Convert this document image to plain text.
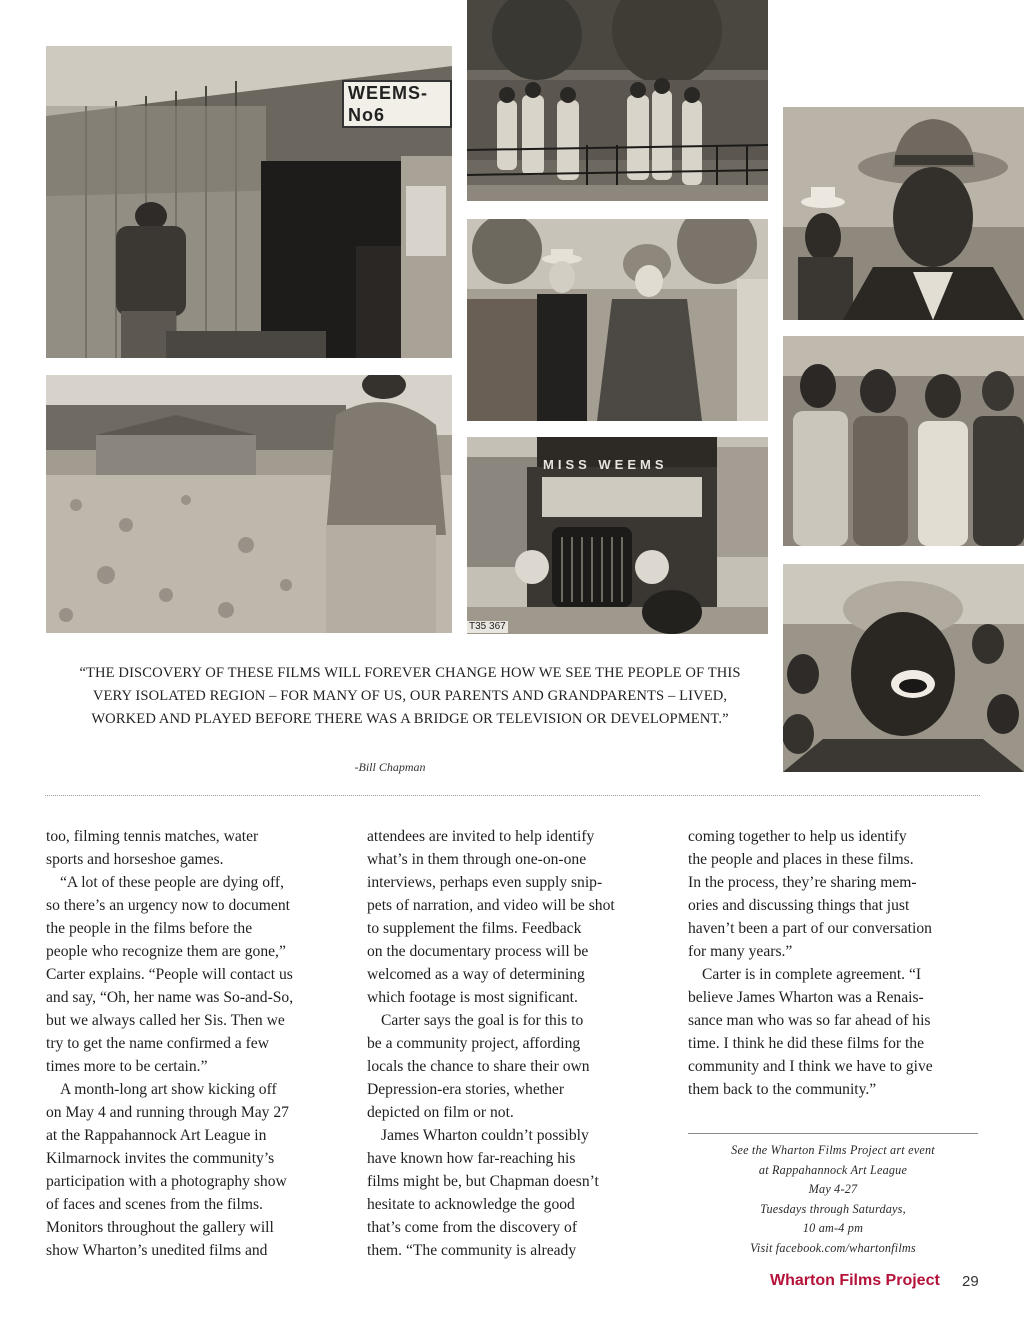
WEEMS-No6
MISS WEEMS
T35 367
“THE DISCOVERY OF THESE FILMS WILL FOREVER CHANGE HOW WE SEE THE PEOPLE OF THIS
VERY ISOLATED REGION – FOR MANY OF US, OUR PARENTS AND GRANDPARENTS – LIVED,
WORKED AND PLAYED BEFORE THERE WAS A BRIDGE OR TELEVISION OR DEVELOPMENT.”
-Bill Chapman
too, filming tennis matches, water
sports and horseshoe games.
“A lot of these people are dying off,
so there’s an urgency now to document
the people in the films before the
people who recognize them are gone,”
Carter explains. “People will contact us
and say, “Oh, her name was So-and-So,
but we always called her Sis. Then we
try to get the name confirmed a few
times more to be certain.”
A month-long art show kicking off
on May 4 and running through May 27
at the Rappahannock Art League in
Kilmarnock invites the community’s
participation with a photography show
of faces and scenes from the films.
Monitors throughout the gallery will
show Wharton’s unedited films and
attendees are invited to help identify
what’s in them through one-on-one
interviews, perhaps even supply snip-
pets of narration, and video will be shot
to supplement the films. Feedback
on the documentary process will be
welcomed as a way of determining
which footage is most significant.
Carter says the goal is for this to
be a community project, affording
locals the chance to share their own
Depression-era stories, whether
depicted on film or not.
James Wharton couldn’t possibly
have known how far-reaching his
films might be, but Chapman doesn’t
hesitate to acknowledge the good
that’s come from the discovery of
them. “The community is already
coming together to help us identify
the people and places in these films.
In the process, they’re sharing mem-
ories and discussing things that just
haven’t been a part of our conversation
for many years.”
Carter is in complete agreement. “I
believe James Wharton was a Renais-
sance man who was so far ahead of his
time. I think he did these films for the
community and I think we have to give
them back to the community.”
See the Wharton Films Project art event
at Rappahannock Art League
May 4-27
Tuesdays through Saturdays,
10 am-4 pm
Visit facebook.com/whartonfilms
Wharton Films Project 29
